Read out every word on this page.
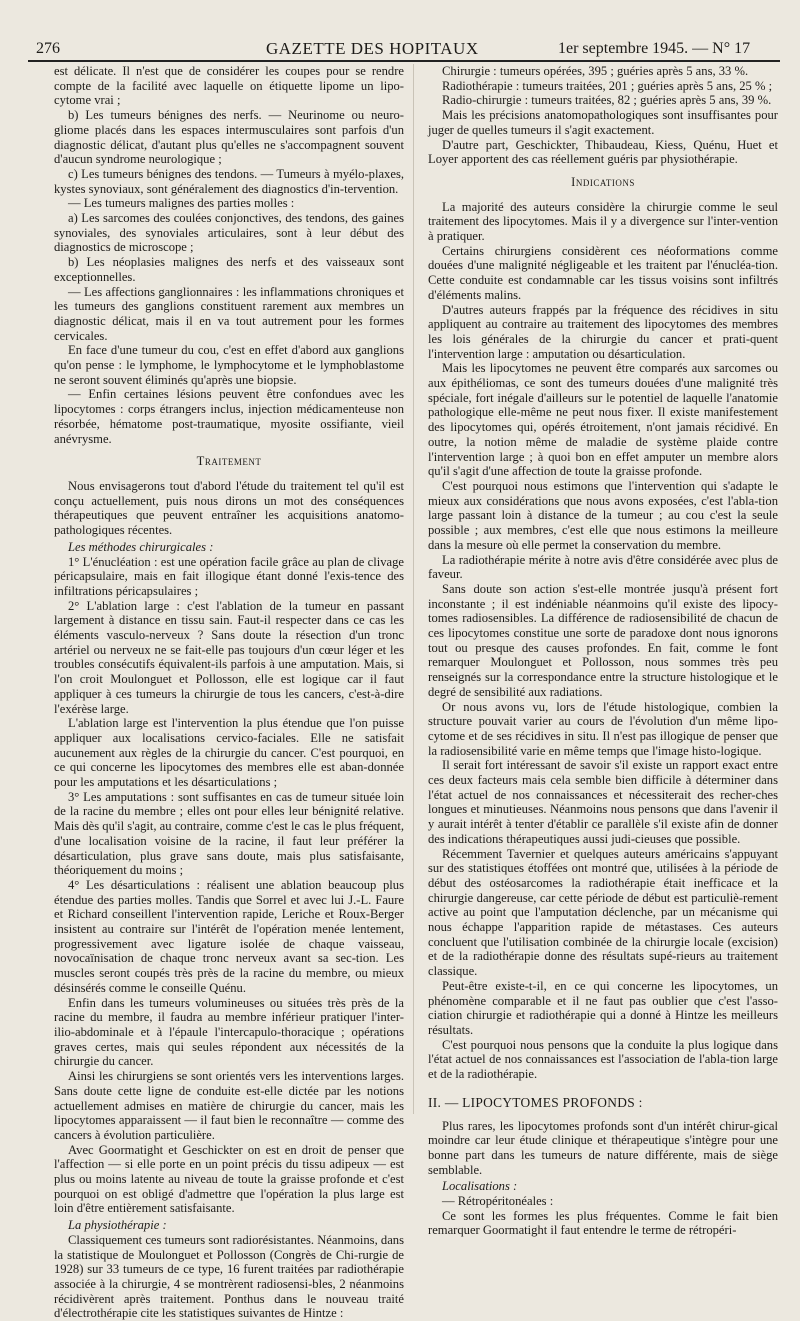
276	GAZETTE DES HOPITAUX	1er septembre 1945. — N° 17

est délicate. Il n'est que de considérer les coupes pour se rendre compte de la facilité avec laquelle on étiquette lipome un lipo-cytome vrai ;

b) Les tumeurs bénignes des nerfs. — Neurinome ou neuro-gliome placés dans les espaces intermusculaires sont parfois d'un diagnostic délicat, d'autant plus qu'elles ne s'accompagnent souvent d'aucun syndrome neurologique ;

c) Les tumeurs bénignes des tendons. — Tumeurs à myélo-plaxes, kystes synoviaux, sont généralement des diagnostics d'in-tervention.

— Les tumeurs malignes des parties molles :

a) Les sarcomes des coulées conjonctives, des tendons, des gaines synoviales, des synoviales articulaires, sont à leur début des diagnostics de microscope ;

b) Les néoplasies malignes des nerfs et des vaisseaux sont exceptionnelles.

— Les affections ganglionnaires : les inflammations chroniques et les tumeurs des ganglions constituent rarement aux membres un diagnostic délicat, mais il en va tout autrement pour les formes cervicales.

En face d'une tumeur du cou, c'est en effet d'abord aux ganglions qu'on pense : le lymphome, le lymphocytome et le lymphoblastome ne seront souvent éliminés qu'après une biopsie.

— Enfin certaines lésions peuvent être confondues avec les lipocytomes : corps étrangers inclus, injection médicamenteuse non résorbée, hématome post-traumatique, myosite ossifiante, vieil anévrysme.

Traitement

Nous envisagerons tout d'abord l'étude du traitement tel qu'il est conçu actuellement, puis nous dirons un mot des conséquences thérapeutiques que peuvent entraîner les acquisitions anatomo-pathologiques récentes.

Les méthodes chirurgicales :

1° L'énucléation : est une opération facile grâce au plan de clivage péricapsulaire, mais en fait illogique étant donné l'exis-tence des infiltrations péricapsulaires ;

2° L'ablation large : c'est l'ablation de la tumeur en passant largement à distance en tissu sain. Faut-il respecter dans ce cas les éléments vasculo-nerveux ? Sans doute la résection d'un tronc artériel ou nerveux ne se fait-elle pas toujours d'un cœur léger et les troubles consécutifs équivalent-ils parfois à une amputation. Mais, si l'on croit Moulonguet et Pollosson, elle est logique car il faut appliquer à ces tumeurs la chirurgie de tous les cancers, c'est-à-dire l'exérèse large.

L'ablation large est l'intervention la plus étendue que l'on puisse appliquer aux localisations cervico-faciales. Elle ne satisfait aucunement aux règles de la chirurgie du cancer. C'est pourquoi, en ce qui concerne les lipocytomes des membres elle est aban-donnée pour les amputations et les désarticulations ;

3° Les amputations : sont suffisantes en cas de tumeur située loin de la racine du membre ; elles ont pour elles leur bénignité relative. Mais dès qu'il s'agit, au contraire, comme c'est le cas le plus fréquent, d'une localisation voisine de la racine, il faut leur préférer la désarticulation, plus grave sans doute, mais plus satisfaisante, théoriquement du moins ;

4° Les désarticulations : réalisent une ablation beaucoup plus étendue des parties molles. Tandis que Sorrel et avec lui J.-L. Faure et Richard conseillent l'intervention rapide, Leriche et Roux-Berger insistent au contraire sur l'intérêt de l'opération menée lentement, progressivement avec ligature isolée de chaque vaisseau, novocaïnisation de chaque tronc nerveux avant sa sec-tion. Les muscles seront coupés très près de la racine du membre, ou mieux désinsérés comme le conseille Quénu.

Enfin dans les tumeurs volumineuses ou situées très près de la racine du membre, il faudra au membre inférieur pratiquer l'inter-ilio-abdominale et à l'épaule l'intercapulo-thoracique ; opérations graves certes, mais qui seules répondent aux nécessités de la chirurgie du cancer.

Ainsi les chirurgiens se sont orientés vers les interventions larges. Sans doute cette ligne de conduite est-elle dictée par les notions actuellement admises en matière de chirurgie du cancer, mais les lipocytomes apparaissent — il faut bien le reconnaître — comme des cancers à évolution particulière.

Avec Goormatight et Geschickter on est en droit de penser que l'affection — si elle porte en un point précis du tissu adipeux — est plus ou moins latente au niveau de toute la graisse profonde et c'est pourquoi on est obligé d'admettre que l'opération la plus large est loin d'être entièrement satisfaisante.

La physiothérapie :

Classiquement ces tumeurs sont radiorésistantes. Néanmoins, dans la statistique de Moulonguet et Pollosson (Congrès de Chi-rurgie de 1928) sur 33 tumeurs de ce type, 16 furent traitées par radiothérapie associée à la chirurgie, 4 se montrèrent radiosensi-bles, 2 néanmoins récidivèrent après traitement. Ponthus dans le nouveau traité d'électrothérapie cite les statistiques suivantes de Hintze :

Chirurgie : tumeurs opérées, 395 ; guéries après 5 ans, 33 %.

Radiothérapie : tumeurs traitées, 201 ; guéries après 5 ans, 25 % ;

Radio-chirurgie : tumeurs traitées, 82 ; guéries après 5 ans, 39 %.

Mais les précisions anatomopathologiques sont insuffisantes pour juger de quelles tumeurs il s'agit exactement.

D'autre part, Geschickter, Thibaudeau, Kiess, Quénu, Huet et Loyer apportent des cas réellement guéris par physiothérapie.

Indications

La majorité des auteurs considère la chirurgie comme le seul traitement des lipocytomes. Mais il y a divergence sur l'inter-vention à pratiquer.

Certains chirurgiens considèrent ces néoformations comme douées d'une malignité négligeable et les traitent par l'énucléa-tion. Cette conduite est condamnable car les tissus voisins sont infiltrés d'éléments malins.

D'autres auteurs frappés par la fréquence des récidives in situ appliquent au contraire au traitement des lipocytomes des membres les lois générales de la chirurgie du cancer et prati-quent l'intervention large : amputation ou désarticulation.

Mais les lipocytomes ne peuvent être comparés aux sarcomes ou aux épithéliomas, ce sont des tumeurs douées d'une malignité très spéciale, fort inégale d'ailleurs sur le potentiel de laquelle l'anatomie pathologique elle-même ne peut nous fixer. Il existe manifestement des lipocytomes qui, opérés étroitement, n'ont jamais récidivé. En outre, la notion même de maladie de système plaide contre l'intervention large ; à quoi bon en effet amputer un membre alors qu'il s'agit d'une affection de toute la graisse profonde.

C'est pourquoi nous estimons que l'intervention qui s'adapte le mieux aux considérations que nous avons exposées, c'est l'abla-tion large passant loin à distance de la tumeur ; au cou c'est la seule possible ; aux membres, c'est elle que nous estimons la meilleure dans la mesure où elle permet la conservation du membre.

La radiothérapie mérite à notre avis d'être considérée avec plus de faveur.

Sans doute son action s'est-elle montrée jusqu'à présent fort inconstante ; il est indéniable néanmoins qu'il existe des lipocy-tomes radiosensibles. La différence de radiosensibilité de chacun de ces lipocytomes constitue une sorte de paradoxe dont nous ignorons tout ou presque des causes profondes. En fait, comme le font remarquer Moulonguet et Pollosson, nous sommes très peu renseignés sur la correspondance entre la structure histologique et le degré de sensibilité aux radiations.

Or nous avons vu, lors de l'étude histologique, combien la structure pouvait varier au cours de l'évolution d'un même lipo-cytome et de ses récidives in situ. Il n'est pas illogique de penser que la radiosensibilité varie en même temps que l'image histo-logique.

Il serait fort intéressant de savoir s'il existe un rapport exact entre ces deux facteurs mais cela semble bien difficile à déterminer dans l'état actuel de nos connaissances et nécessiterait des recher-ches longues et minutieuses. Néanmoins nous pensons que dans l'avenir il y aurait intérêt à tenter d'établir ce parallèle s'il existe afin de donner des indications thérapeutiques aussi judi-cieuses que possible.

Récemment Tavernier et quelques auteurs américains s'appuyant sur des statistiques étoffées ont montré que, utilisées à la période de début des ostéosarcomes la radiothérapie était inefficace et la chirurgie dangereuse, car cette période de début est particuliè-rement active au point que l'amputation déclenche, par un mécanisme qui nous échappe l'apparition rapide de métastases. Ces auteurs concluent que l'utilisation combinée de la chirurgie locale (excision) et de la radiothérapie donne des résultats supé-rieurs au traitement classique.

Peut-être existe-t-il, en ce qui concerne les lipocytomes, un phénomène comparable et il ne faut pas oublier que c'est l'asso-ciation chirurgie et radiothérapie qui a donné à Hintze les meilleurs résultats.

C'est pourquoi nous pensons que la conduite la plus logique dans l'état actuel de nos connaissances est l'association de l'abla-tion large et de la radiothérapie.

II. — LIPOCYTOMES PROFONDS :

Plus rares, les lipocytomes profonds sont d'un intérêt chirur-gical moindre car leur étude clinique et thérapeutique s'intègre pour une bonne part dans les tumeurs de nature différente, mais de siège semblable.

Localisations :

— Rétropéritonéales :

Ce sont les formes les plus fréquentes. Comme le fait bien remarquer Goormatight il faut entendre le terme de rétropéri-
